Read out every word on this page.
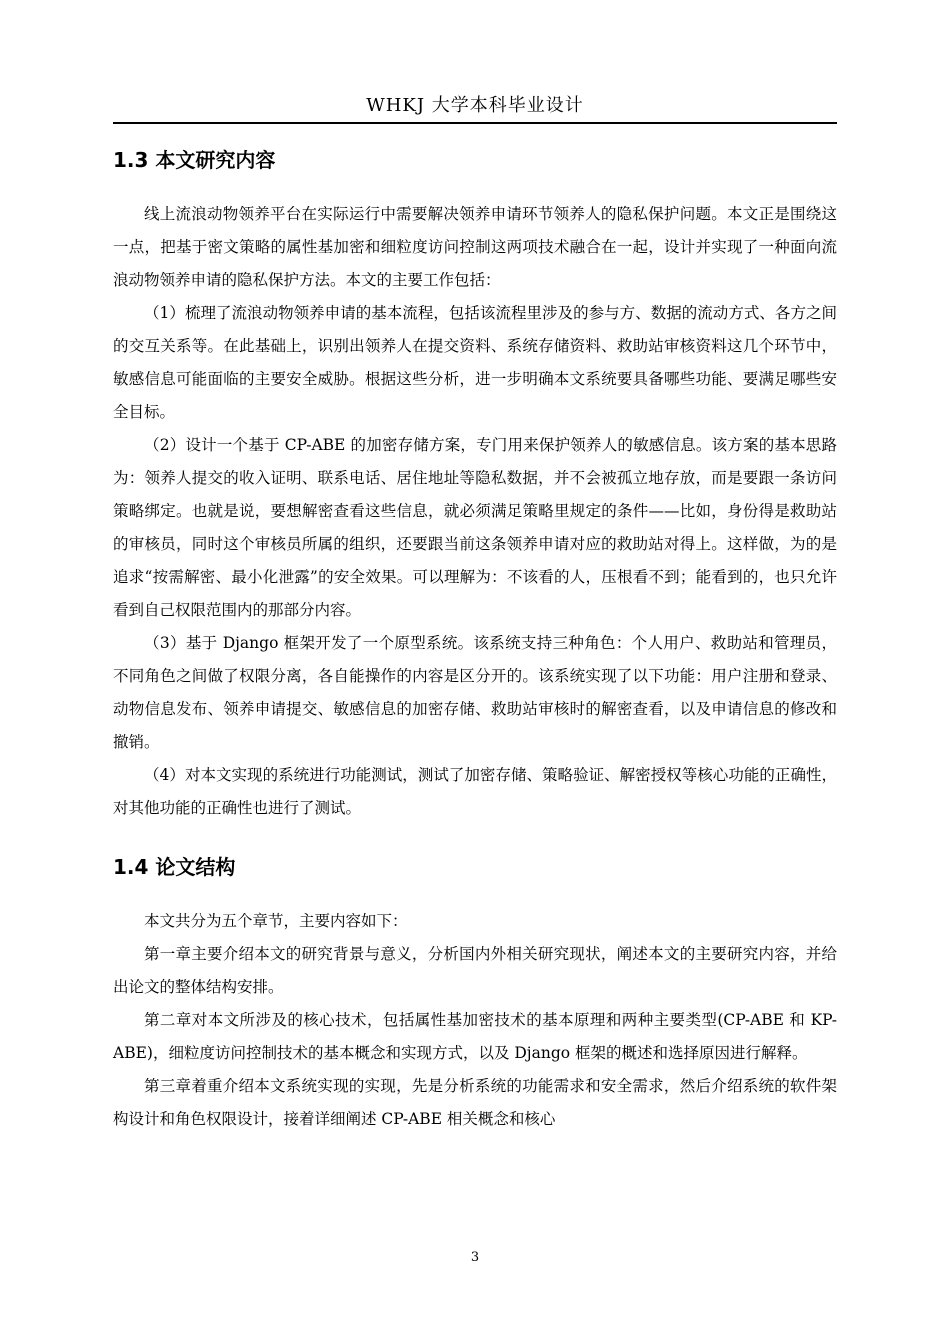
WHKJ 大学本科毕业设计
1.3 本文研究内容

线上流浪动物领养平台在实际运行中需要解决领养申请环节领养人的隐私保护问题。本文正是围绕这一点，把基于密文策略的属性基加密和细粒度访问控制这两项技术融合在一起，设计并实现了一种面向流浪动物领养申请的隐私保护方法。本文的主要工作包括：

（1）梳理了流浪动物领养申请的基本流程，包括该流程里涉及的参与方、数据的流动方式、各方之间的交互关系等。在此基础上，识别出领养人在提交资料、系统存储资料、救助站审核资料这几个环节中，敏感信息可能面临的主要安全威胁。根据这些分析，进一步明确本文系统要具备哪些功能、要满足哪些安全目标。

（2）设计一个基于 CP-ABE 的加密存储方案，专门用来保护领养人的敏感信息。该方案的基本思路为：领养人提交的收入证明、联系电话、居住地址等隐私数据，并不会被孤立地存放，而是要跟一条访问策略绑定。也就是说，要想解密查看这些信息，就必须满足策略里规定的条件——比如，身份得是救助站的审核员，同时这个审核员所属的组织，还要跟当前这条领养申请对应的救助站对得上。这样做，为的是追求“按需解密、最小化泄露”的安全效果。可以理解为：不该看的人，压根看不到；能看到的，也只允许看到自己权限范围内的那部分内容。

（3）基于 Django 框架开发了一个原型系统。该系统支持三种角色：个人用户、救助站和管理员，不同角色之间做了权限分离，各自能操作的内容是区分开的。该系统实现了以下功能：用户注册和登录、动物信息发布、领养申请提交、敏感信息的加密存储、救助站审核时的解密查看，以及申请信息的修改和撤销。

（4）对本文实现的系统进行功能测试，测试了加密存储、策略验证、解密授权等核心功能的正确性，对其他功能的正确性也进行了测试。

1.4 论文结构

本文共分为五个章节，主要内容如下：

第一章主要介绍本文的研究背景与意义，分析国内外相关研究现状，阐述本文的主要研究内容，并给出论文的整体结构安排。

第二章对本文所涉及的核心技术，包括属性基加密技术的基本原理和两种主要类型(CP-ABE 和 KP-ABE)，细粒度访问控制技术的基本概念和实现方式，以及 Django 框架的概述和选择原因进行解释。

第三章着重介绍本文系统实现的实现，先是分析系统的功能需求和安全需求，然后介绍系统的软件架构设计和角色权限设计，接着详细阐述 CP-ABE 相关概念和核心

3
